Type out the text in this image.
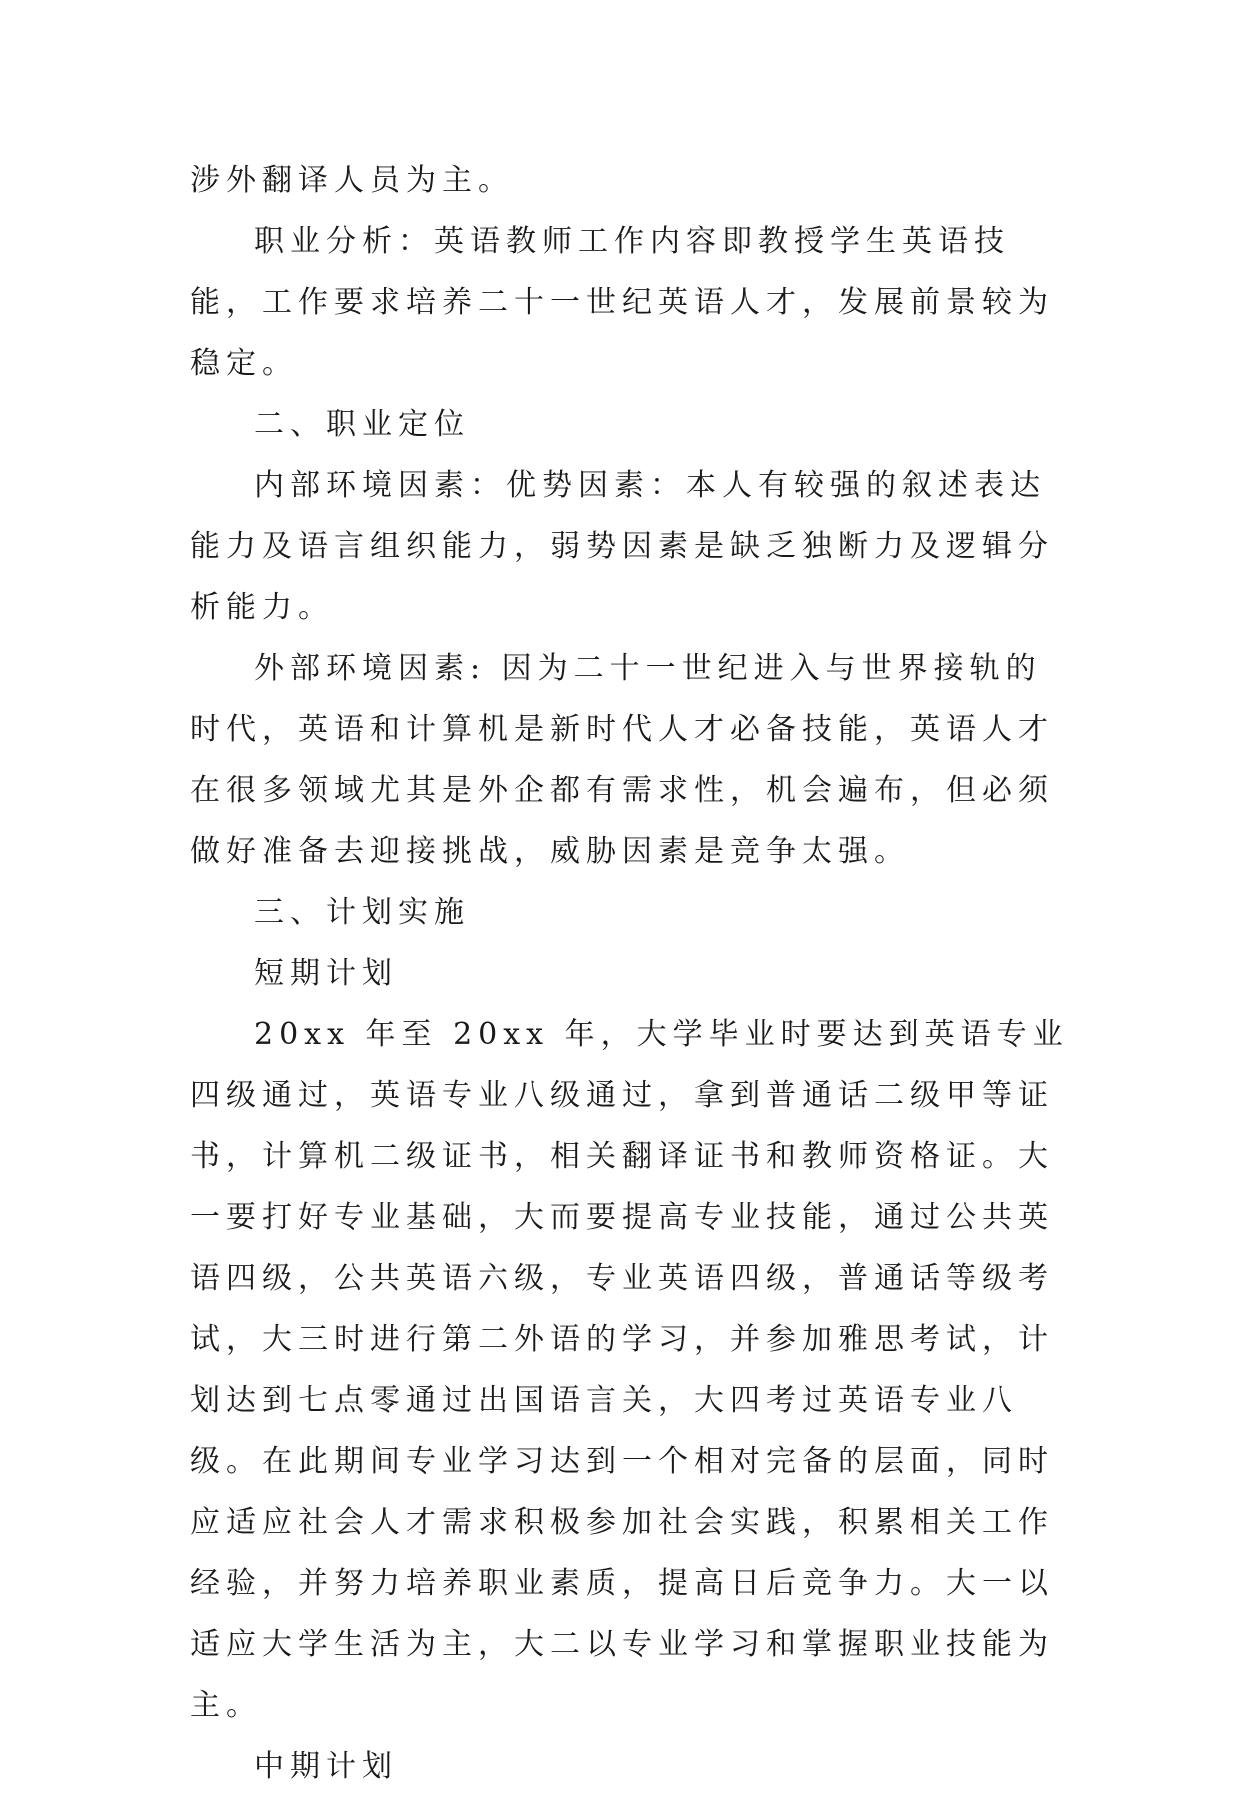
涉外翻译人员为主。

职业分析：英语教师工作内容即教授学生英语技能，工作要求培养二十一世纪英语人才，发展前景较为稳定。

二、职业定位

内部环境因素：优势因素：本人有较强的叙述表达能力及语言组织能力，弱势因素是缺乏独断力及逻辑分析能力。

外部环境因素: 因为二十一世纪进入与世界接轨的时代，英语和计算机是新时代人才必备技能，英语人才在很多领域尤其是外企都有需求性，机会遍布，但必须做好准备去迎接挑战，威胁因素是竞争太强。

三、计划实施

短期计划

20xx 年至 20xx 年，大学毕业时要达到英语专业四级通过，英语专业八级通过，拿到普通话二级甲等证书，计算机二级证书，相关翻译证书和教师资格证。大一要打好专业基础，大而要提高专业技能，通过公共英语四级，公共英语六级，专业英语四级，普通话等级考试，大三时进行第二外语的学习，并参加雅思考试，计划达到七点零通过出国语言关，大四考过英语专业八级。在此期间专业学习达到一个相对完备的层面，同时应适应社会人才需求积极参加社会实践，积累相关工作经验，并努力培养职业素质，提高日后竞争力。大一以适应大学生活为主，大二以专业学习和掌握职业技能为主。

中期计划
